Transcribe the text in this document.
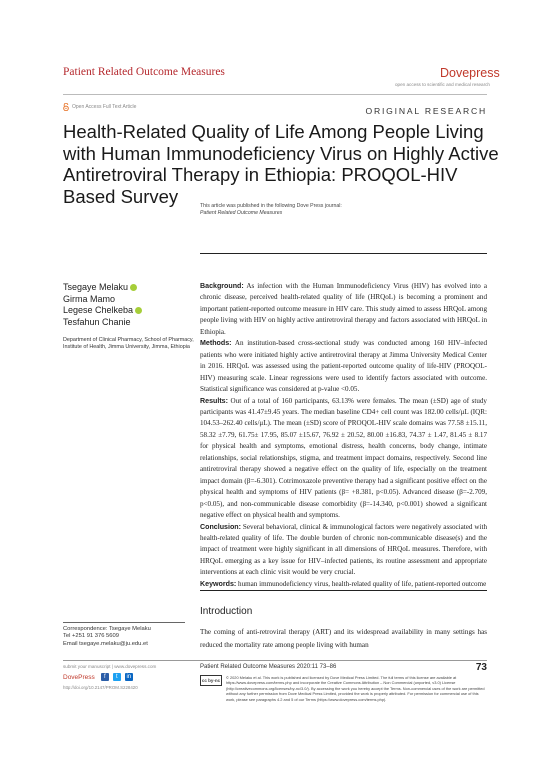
Patient Related Outcome Measures	Dovepress
open access to scientific and medical research
Open Access Full Text Article	ORIGINAL RESEARCH
Health-Related Quality of Life Among People Living with Human Immunodeficiency Virus on Highly Active Antiretroviral Therapy in Ethiopia: PROQOL-HIV Based Survey	This article was published in the following Dove Press journal:
Patient Related Outcome Measures
Tsegaye Melaku
Girma Mamo
Legese Chelkeba
Tesfahun Chanie
Department of Clinical Pharmacy, School of Pharmacy, Institute of Health, Jimma University, Jimma, Ethiopia

Background: As infection with the Human Immunodeficiency Virus (HIV) has evolved into a chronic disease, perceived health-related quality of life (HRQoL) is becoming a prominent and important patient-reported outcome measure in HIV care. This study aimed to assess HRQoL among people living with HIV on highly active antiretroviral therapy and factors associated with HRQoL in Ethiopia.

Methods: An institution-based cross-sectional study was conducted among 160 HIV–infected patients who were initiated highly active antiretroviral therapy at Jimma University Medical Center in 2016. HRQoL was assessed using the patient-reported outcome quality of life-HIV (PROQOL-HIV) measuring scale. Linear regressions were used to identify factors associated with outcome. Statistical significance was considered at p-value <0.05.

Results: Out of a total of 160 participants, 63.13% were females. The mean (±SD) age of study participants was 41.47±9.45 years. The median baseline CD4+ cell count was 182.00 cells/μL (IQR: 104.53–262.40 cells/μL). The mean (±SD) score of PROQOL-HIV scale domains was 77.58 ±15.11, 58.32 ±7.79, 61.75± 17.95, 85.07 ±15.67, 76.92 ± 20.52, 80.00 ±16.83, 74.37 ± 1.47, 81.45 ± 8.17 for physical health and symptoms, emotional distress, health concerns, body change, intimate relationships, social relationships, stigma, and treatment impact domains, respectively. Second line antiretroviral therapy showed a negative effect on the quality of life, especially on the treatment impact domain (β=-6.301). Cotrimoxazole preventive therapy had a significant positive effect on the physical health and symptoms of HIV patients (β= +8.381, p<0.05). Advanced disease (β=-2.709, p<0.05), and non-communicable disease comorbidity (β=-14.340, p<0.001) showed a significant negative effect on physical health and symptoms.

Conclusion: Several behavioral, clinical & immunological factors were negatively associated with health-related quality of life. The double burden of chronic non-communicable disease(s) and the impact of treatment were highly significant in all dimensions of HRQoL measures. Therefore, with HRQoL emerging as a key issue for HIV–infected patients, its routine assessment and appropriate interventions at each clinic visit would be very crucial.

Keywords: human immunodeficiency virus, health-related quality of life, patient-reported outcome

Introduction
The coming of anti-retroviral therapy (ART) and its widespread availability in many settings has reduced the mortality rate among people living with human
Correspondence: Tsegaye Melaku
Tel +251 91 376 5609
Email tsegaye.melaku@ju.edu.et
submit your manuscript | www.dovepress.com
DovePress	f	t	in
http://doi.org/10.2147/PROM.S228420
Patient Related Outcome Measures 2020:11 73–86	73
cc by-nc
© 2020 Melaku et al. This work is published and licensed by Dove Medical Press Limited. The full terms of this license are available at https://www.dovepress.com/terms.php and incorporate the Creative Commons Attribution – Non Commercial (unported, v3.0) License (http://creativecommons.org/licenses/by-nc/3.0/). By accessing the work you hereby accept the Terms. Non-commercial uses of the work are permitted without any further permission from Dove Medical Press Limited, provided the work is properly attributed. For permission for commercial use of this work, please see paragraphs 4.2 and 5 of our Terms (https://www.dovepress.com/terms.php).
